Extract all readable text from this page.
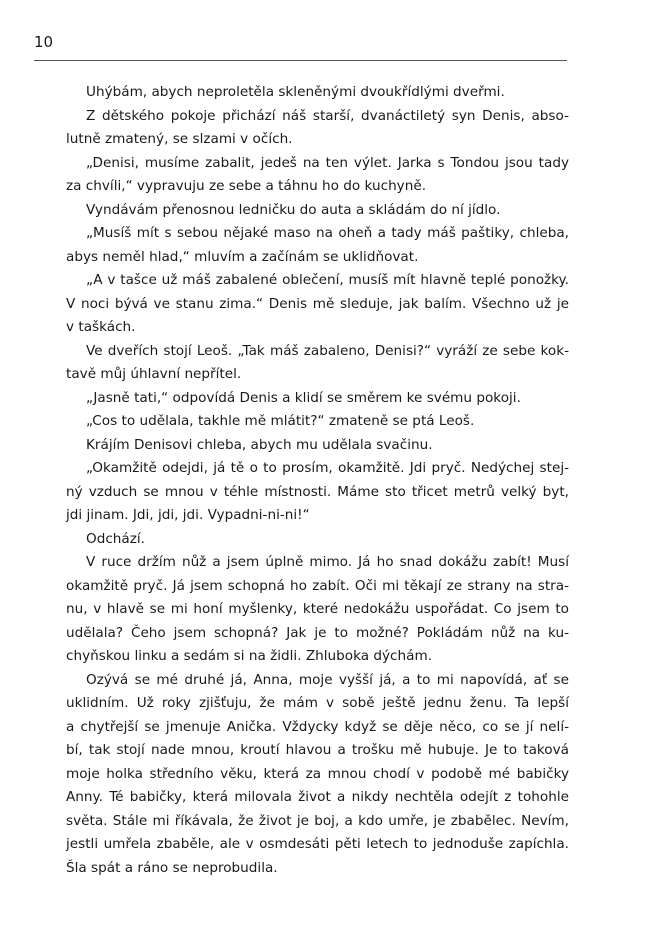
10
Uhýbám, abych neproletěla skleněnými dvoukřídlými dveřmi.
Z dětského pokoje přichází náš starší, dvanáctiletý syn Denis, abso-
lutně zmatený, se slzami v očích.
„Denisi, musíme zabalit, jedeš na ten výlet. Jarka s Tondou jsou tady
za chvíli,“ vypravuju ze sebe a táhnu ho do kuchyně.
Vyndávám přenosnou ledničku do auta a skládám do ní jídlo.
„Musíš mít s sebou nějaké maso na oheň a tady máš paštiky, chleba,
abys neměl hlad,“ mluvím a začínám se uklidňovat.
„A v tašce už máš zabalené oblečení, musíš mít hlavně teplé ponožky.
V noci bývá ve stanu zima.“ Denis mě sleduje, jak balím. Všechno už je
v taškách.
Ve dveřích stojí Leoš. „Tak máš zabaleno, Denisi?“ vyráží ze sebe kok-
tavě můj úhlavní nepřítel.
„Jasně tati,“ odpovídá Denis a klidí se směrem ke svému pokoji.
„Cos to udělala, takhle mě mlátit?“ zmateně se ptá Leoš.
Krájím Denisovi chleba, abych mu udělala svačinu.
„Okamžitě odejdi, já tě o to prosím, okamžitě. Jdi pryč. Nedýchej stej-
ný vzduch se mnou v téhle místnosti. Máme sto třicet metrů velký byt,
jdi jinam. Jdi, jdi, jdi. Vypadni-ni-ni!“
Odchází.
V ruce držím nůž a jsem úplně mimo. Já ho snad dokážu zabít! Musí
okamžitě pryč. Já jsem schopná ho zabít. Oči mi těkají ze strany na stra-
nu, v hlavě se mi honí myšlenky, které nedokážu uspořádat. Co jsem to
udělala? Čeho jsem schopná? Jak je to možné? Pokládám nůž na ku-
chyňskou linku a sedám si na židli. Zhluboka dýchám.
Ozývá se mé druhé já, Anna, moje vyšší já, a to mi napovídá, ať se
uklidním. Už roky zjišťuju, že mám v sobě ještě jednu ženu. Ta lepší
a chytřejší se jmenuje Anička. Vždycky když se děje něco, co se jí nelí-
bí, tak stojí nade mnou, kroutí hlavou a trošku mě hubuje. Je to taková
moje holka středního věku, která za mnou chodí v podobě mé babičky
Anny. Té babičky, která milovala život a nikdy nechtěla odejít z tohohle
světa. Stále mi říkávala, že život je boj, a kdo umře, je zbabělec. Nevím,
jestli umřela zbaběle, ale v osmdesáti pěti letech to jednoduše zapíchla.
Šla spát a ráno se neprobudila.
